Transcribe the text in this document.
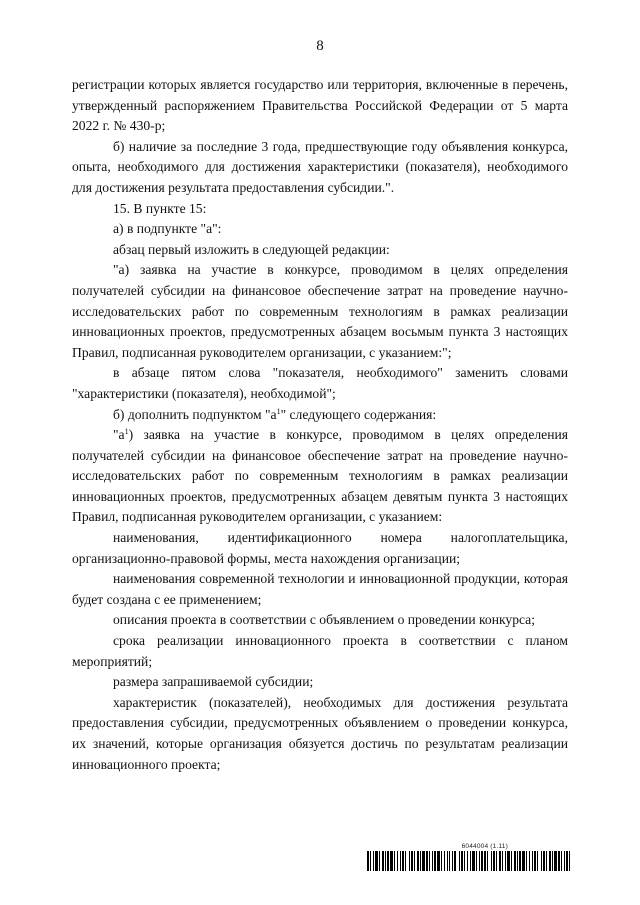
8

регистрации которых является государство или территория, включенные в перечень, утвержденный распоряжением Правительства Российской Федерации от 5 марта 2022 г. № 430-р;

б) наличие за последние 3 года, предшествующие году объявления конкурса, опыта, необходимого для достижения характеристики (показателя), необходимого для достижения результата предоставления субсидии.".

15. В пункте 15:

а) в подпункте "а":

абзац первый изложить в следующей редакции:

"а) заявка на участие в конкурсе, проводимом в целях определения получателей субсидии на финансовое обеспечение затрат на проведение научно-исследовательских работ по современным технологиям в рамках реализации инновационных проектов, предусмотренных абзацем восьмым пункта 3 настоящих Правил, подписанная руководителем организации, с указанием:";

в абзаце пятом слова "показателя, необходимого" заменить словами "характеристики (показателя), необходимой";

б) дополнить подпунктом "$а^1$" следующего содержания:

"$а^1$) заявка на участие в конкурсе, проводимом в целях определения получателей субсидии на финансовое обеспечение затрат на проведение научно-исследовательских работ по современным технологиям в рамках реализации инновационных проектов, предусмотренных абзацем девятым пункта 3 настоящих Правил, подписанная руководителем организации, с указанием:

наименования, идентификационного номера налогоплательщика, организационно-правовой формы, места нахождения организации;

наименования современной технологии и инновационной продукции, которая будет создана с ее применением;

описания проекта в соответствии с объявлением о проведении конкурса;

срока реализации инновационного проекта в соответствии с планом мероприятий;

размера запрашиваемой субсидии;

характеристик (показателей), необходимых для достижения результата предоставления субсидии, предусмотренных объявлением о проведении конкурса, их значений, которые организация обязуется достичь по результатам реализации инновационного проекта;

6044004 (1.11)
